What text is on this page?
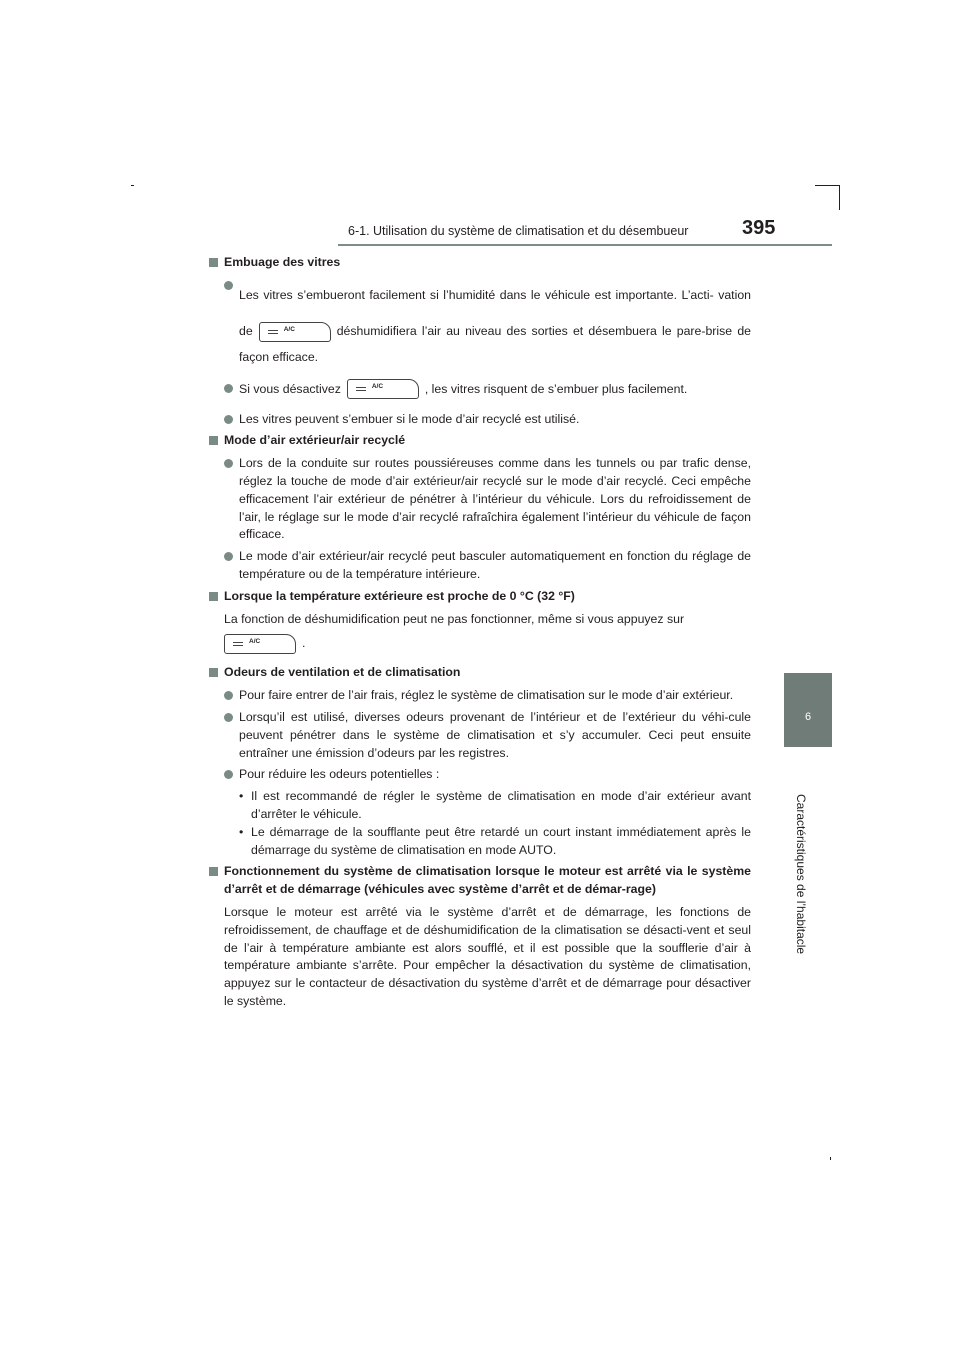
6-1. Utilisation du système de climatisation et du désembueur	395
6
Caractéristiques de l’habitacle
Embuage des vitres
Les vitres s’embueront facilement si l’humidité dans le véhicule est importante. L’acti- vation de	A/C	déshumidifiera l’air au niveau des sorties et désembuera le pare-brise de façon efficace.
Si vous désactivez	A/C	, les vitres risquent de s’embuer plus facilement.
Les vitres peuvent s’embuer si le mode d’air recyclé est utilisé.
Mode d’air extérieur/air recyclé
Lors de la conduite sur routes poussiéreuses comme dans les tunnels ou par trafic dense, réglez la touche de mode d’air extérieur/air recyclé sur le mode d’air recyclé. Ceci empêche efficacement l’air extérieur de pénétrer à l’intérieur du véhicule. Lors du refroidissement de l’air, le réglage sur le mode d’air recyclé rafraîchira également l’intérieur du véhicule de façon efficace.
Le mode d’air extérieur/air recyclé peut basculer automatiquement en fonction du réglage de température ou de la température intérieure.
Lorsque la température extérieure est proche de 0 °C (32 °F)
La fonction de déshumidification peut ne pas fonctionner, même si vous appuyez sur
A/C	.
Odeurs de ventilation et de climatisation
Pour faire entrer de l’air frais, réglez le système de climatisation sur le mode d’air extérieur.
Lorsqu’il est utilisé, diverses odeurs provenant de l’intérieur et de l’extérieur du véhi-cule peuvent pénétrer dans le système de climatisation et s’y accumuler. Ceci peut ensuite entraîner une émission d’odeurs par les registres.
Pour réduire les odeurs potentielles :
• Il est recommandé de régler le système de climatisation en mode d’air extérieur avant d’arrêter le véhicule.
• Le démarrage de la soufflante peut être retardé un court instant immédiatement après le démarrage du système de climatisation en mode AUTO.
Fonctionnement du système de climatisation lorsque le moteur est arrêté via le système d’arrêt et de démarrage (véhicules avec système d’arrêt et de démar-rage)
Lorsque le moteur est arrêté via le système d’arrêt et de démarrage, les fonctions de refroidissement, de chauffage et de déshumidification de la climatisation se désacti-vent et seul de l’air à température ambiante est alors soufflé, et il est possible que la soufflerie d’air à température ambiante s’arrête. Pour empêcher la désactivation du système de climatisation, appuyez sur le contacteur de désactivation du système d’arrêt et de démarrage pour désactiver le système.
